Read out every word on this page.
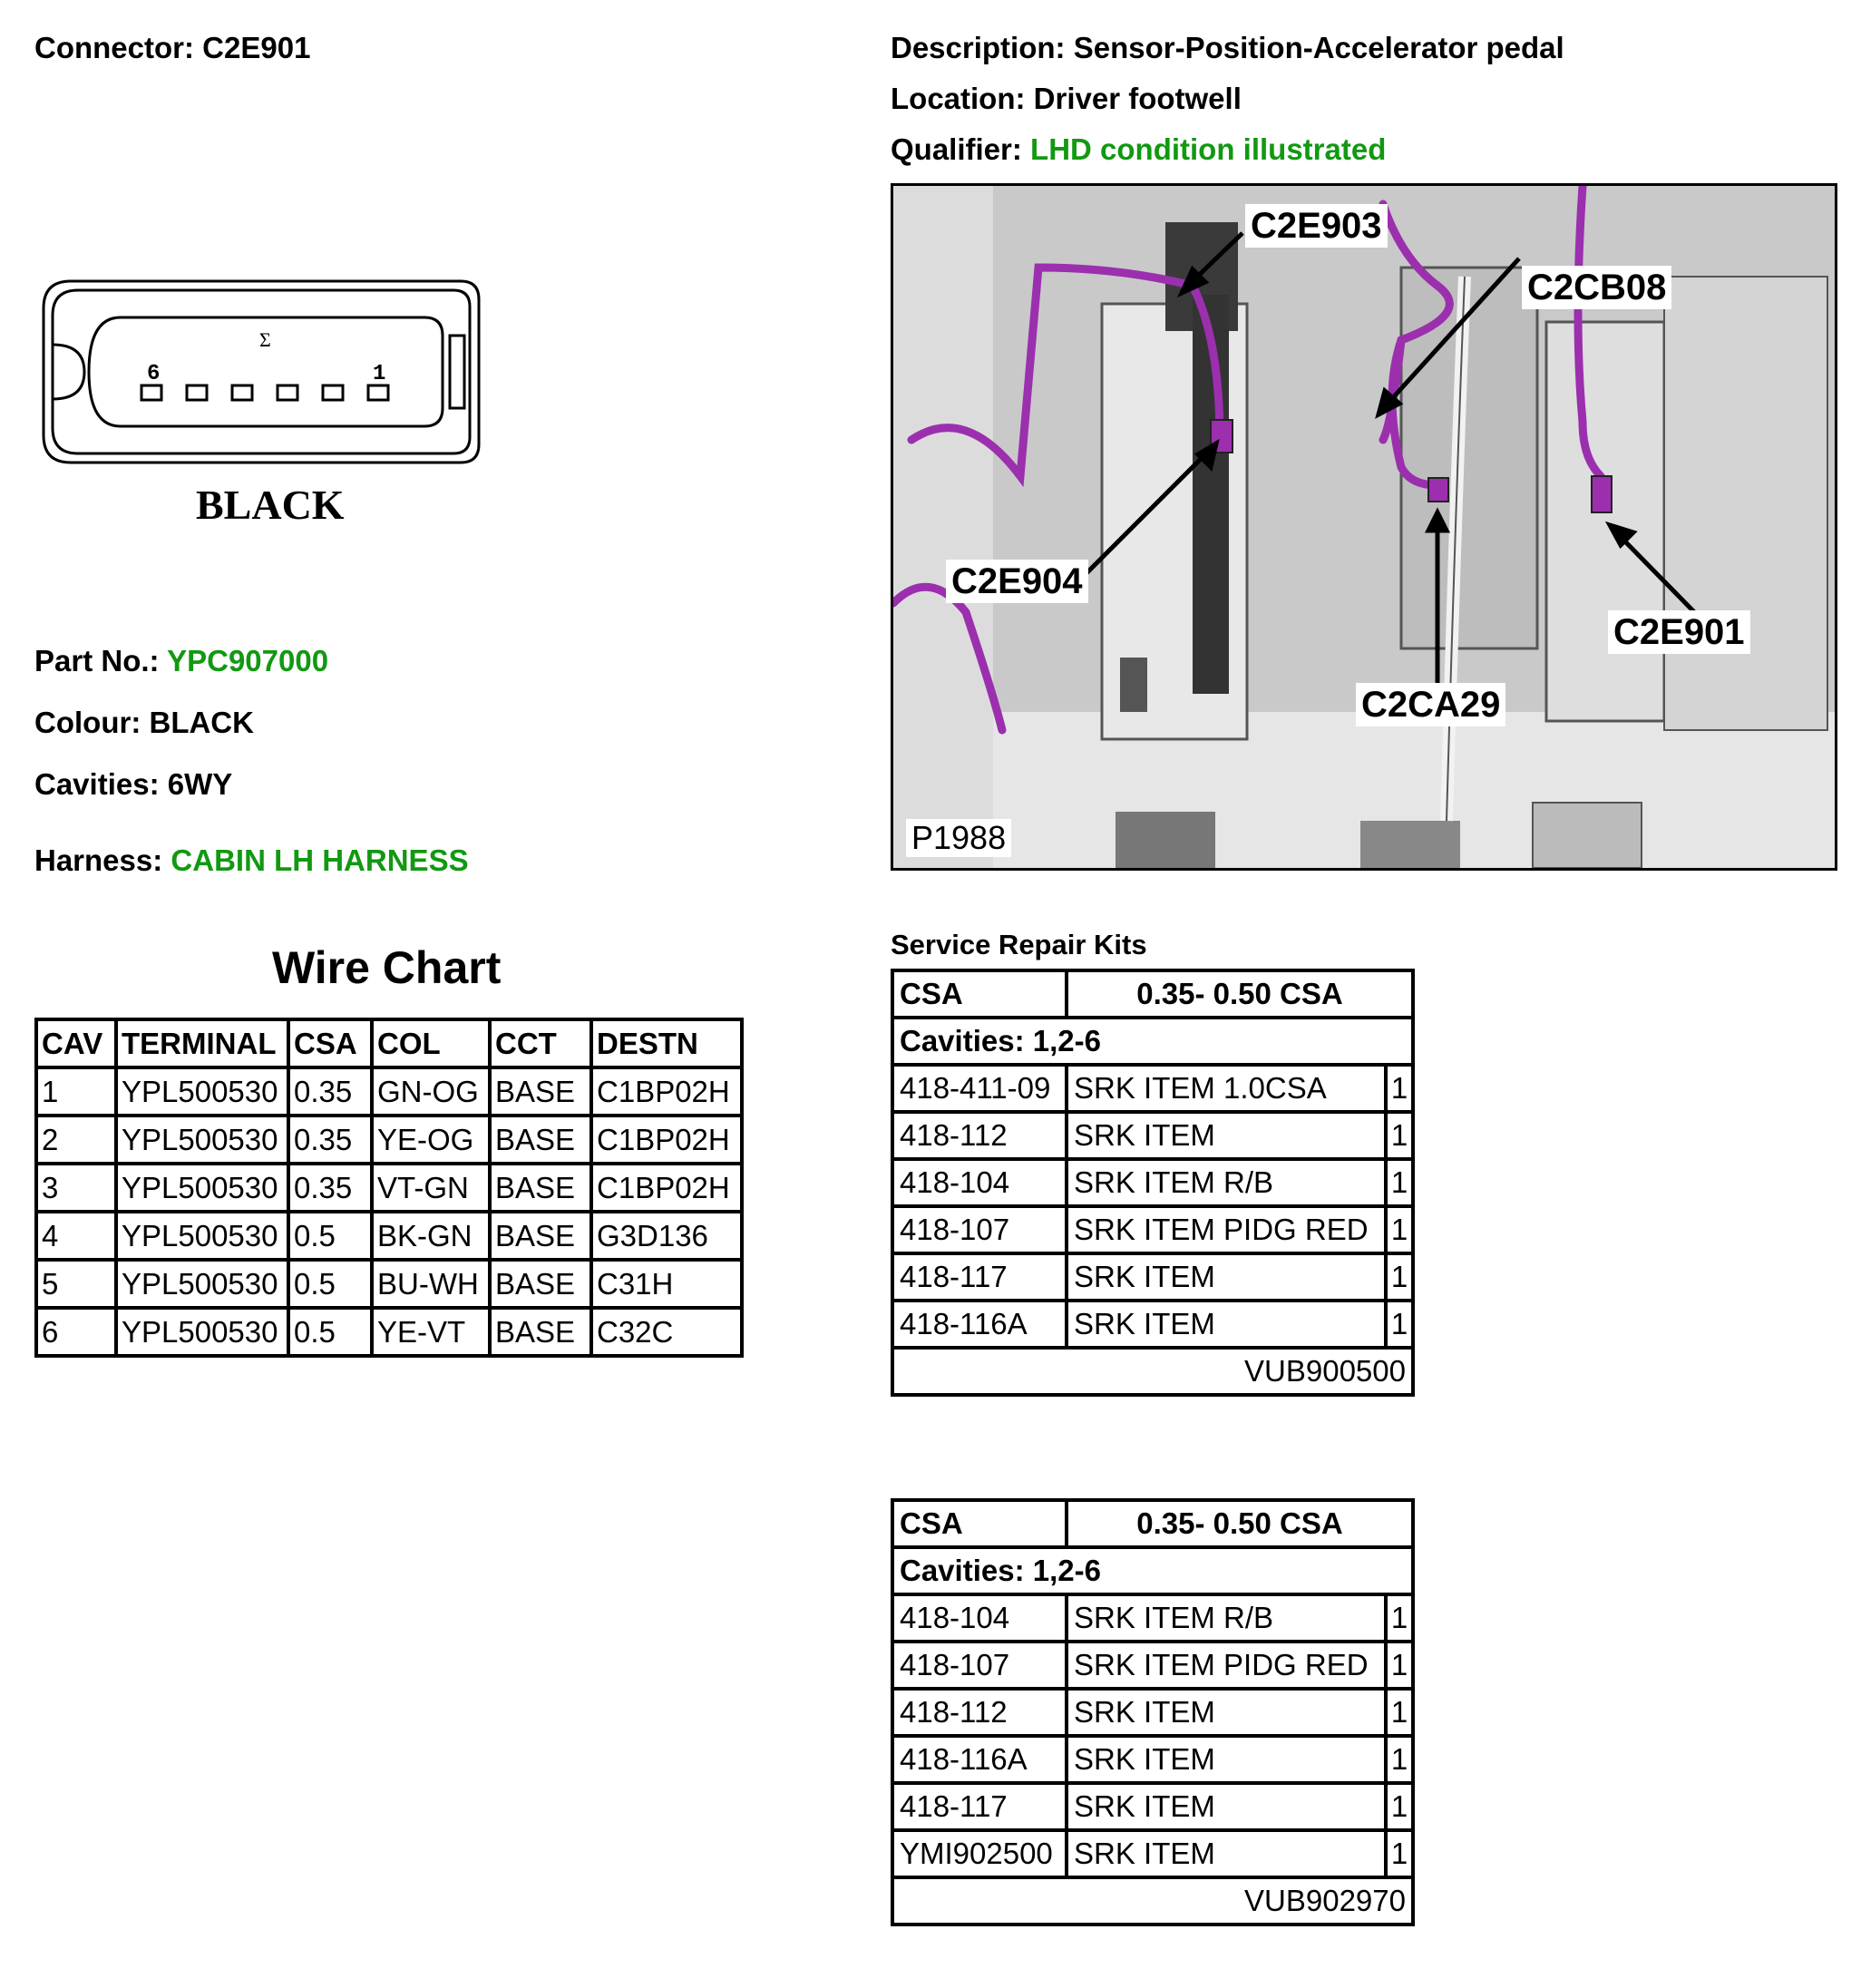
Connector: C2E901	Description: Sensor-Position-Accelerator pedal
Location: Driver footwell
Qualifier: LHD condition illustrated
6	1
Σ
BLACK
Part No.: YPC907000
Colour: BLACK
Cavities: 6WY
Harness: CABIN LH HARNESS
C2E903
C2CB08
C2E904
C2E901
C2CA29
P1988
Wire Chart
CAV	TERMINAL	CSA	COL	CCT	DESTN
1	YPL500530	0.35	GN-OG	BASE	C1BP02H
2	YPL500530	0.35	YE-OG	BASE	C1BP02H
3	YPL500530	0.35	VT-GN	BASE	C1BP02H
4	YPL500530	0.5	BK-GN	BASE	G3D136
5	YPL500530	0.5	BU-WH	BASE	C31H
6	YPL500530	0.5	YE-VT	BASE	C32C
Service Repair Kits
CSA	0.35- 0.50 CSA	
Cavities: 1,2-6		
418-411-09	SRK ITEM 1.0CSA	1
418-112	SRK ITEM	1
418-104	SRK ITEM R/B	1
418-107	SRK ITEM PIDG RED	1
418-117	SRK ITEM	1
418-116A	SRK ITEM	1
VUB900500		
CSA	0.35- 0.50 CSA	
Cavities: 1,2-6		
418-104	SRK ITEM R/B	1
418-107	SRK ITEM PIDG RED	1
418-112	SRK ITEM	1
418-116A	SRK ITEM	1
418-117	SRK ITEM	1
YMI902500	SRK ITEM	1
VUB902970		
